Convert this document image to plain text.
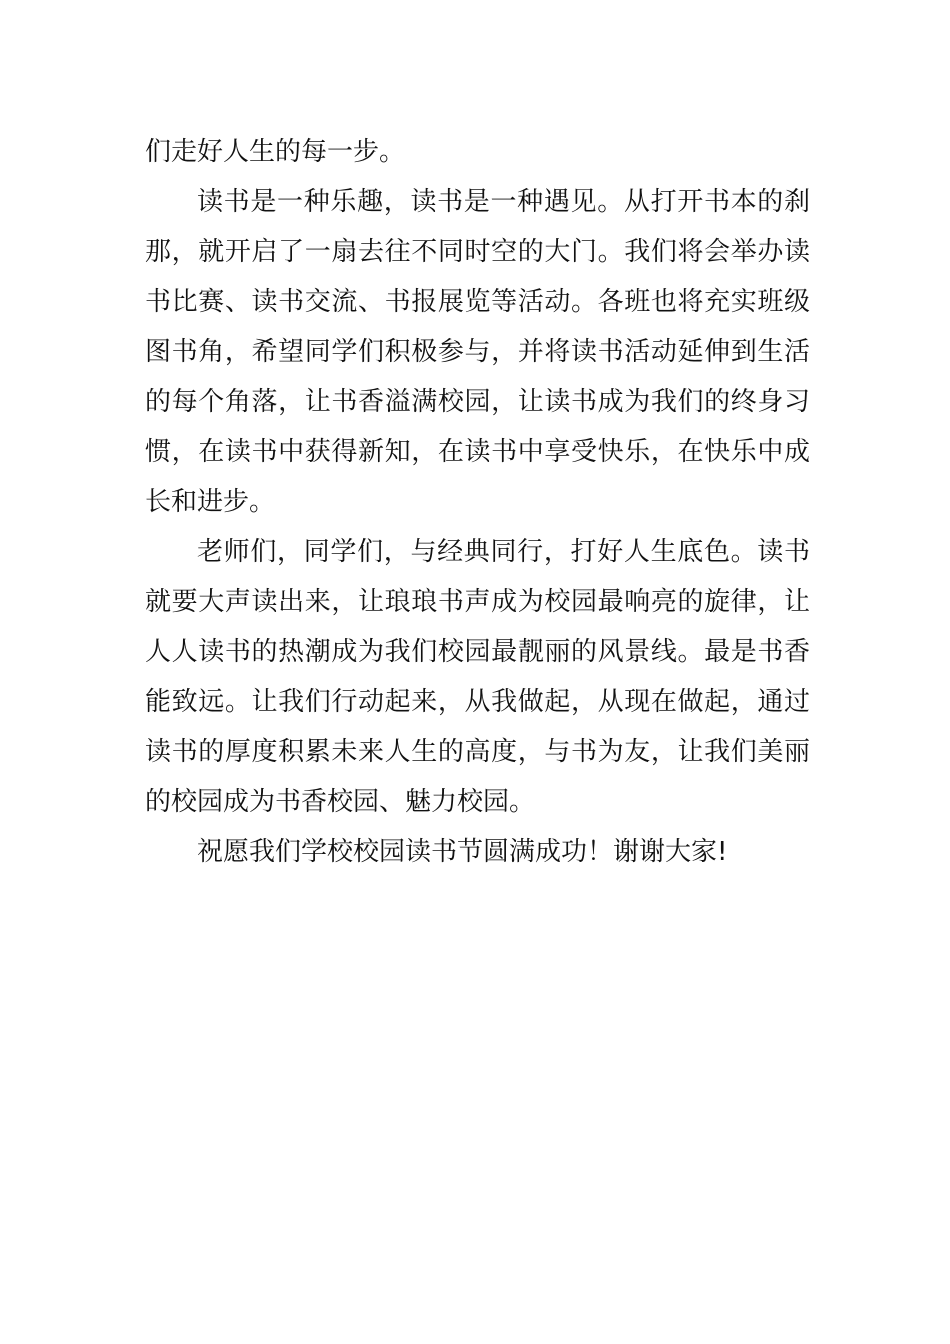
们走好人生的每一步。

读书是一种乐趣，读书是一种遇见。从打开书本的刹那，就开启了一扇去往不同时空的大门。我们将会举办读书比赛、读书交流、书报展览等活动。各班也将充实班级图书角，希望同学们积极参与，并将读书活动延伸到生活的每个角落，让书香溢满校园，让读书成为我们的终身习惯，在读书中获得新知，在读书中享受快乐，在快乐中成长和进步。

老师们，同学们，与经典同行，打好人生底色。读书就要大声读出来，让琅琅书声成为校园最响亮的旋律，让人人读书的热潮成为我们校园最靓丽的风景线。最是书香能致远。让我们行动起来，从我做起，从现在做起，通过读书的厚度积累未来人生的高度，与书为友，让我们美丽的校园成为书香校园、魅力校园。

祝愿我们学校校园读书节圆满成功！谢谢大家!
